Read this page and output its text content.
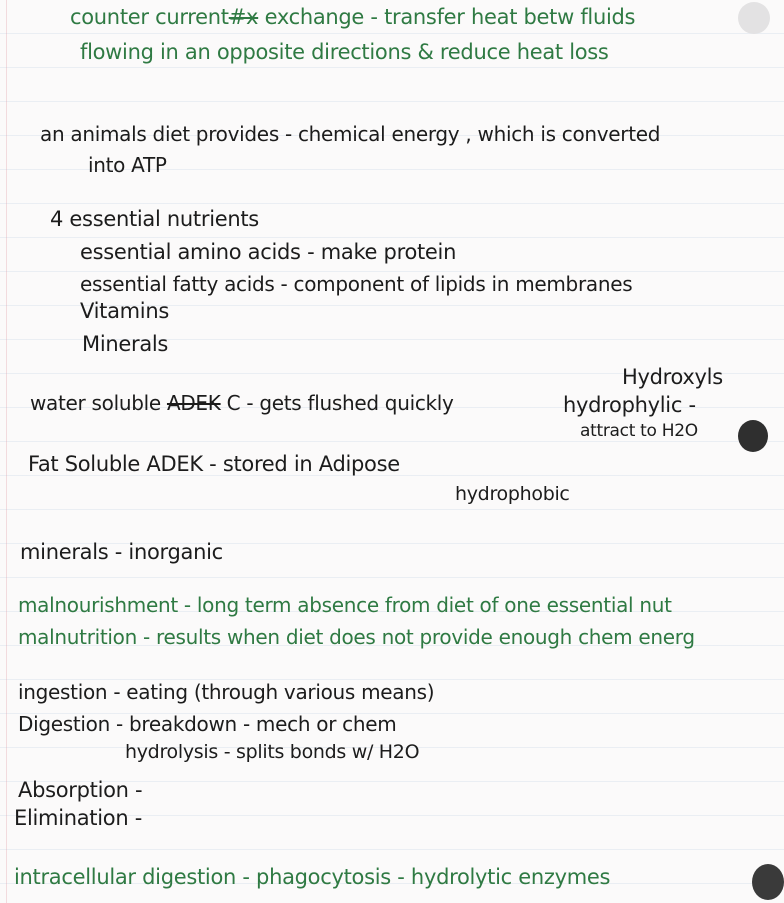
counter current#x exchange - transfer heat betw fluids
flowing in an opposite directions & reduce heat loss
an animals diet provides - chemical energy , which is converted
into ATP
4 essential nutrients
essential amino acids - make protein
essential fatty acids - component of lipids in membranes
Vitamins
Minerals
Hydroxyls
water soluble ADEK C - gets flushed quickly	hydrophylic -
attract to H2O
Fat Soluble ADEK - stored in Adipose
hydrophobic
minerals - inorganic
malnourishment - long term absence from diet of one essential nut
malnutrition - results when diet does not provide enough chem energ
ingestion - eating (through various means)
Digestion - breakdown - mech or chem
hydrolysis - splits bonds w/ H2O
Absorption -
Elimination -
intracellular digestion - phagocytosis - hydrolytic enzymes
